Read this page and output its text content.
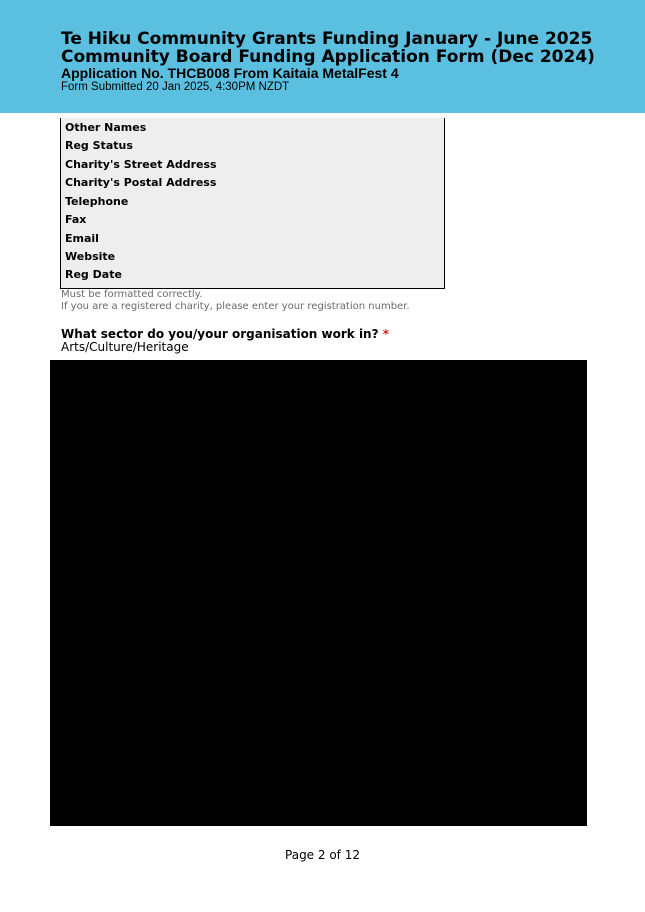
Te Hiku Community Grants Funding January - June 2025
Community Board Funding Application Form (Dec 2024)
Application No. THCB008 From Kaitaia MetalFest 4
Form Submitted 20 Jan 2025, 4:30PM NZDT
Other Names
Reg Status
Charity's Street Address
Charity's Postal Address
Telephone
Fax
Email
Website
Reg Date
Must be formatted correctly.
If you are a registered charity, please enter your registration number.
What sector do you/your organisation work in? *
Arts/Culture/Heritage
Page 2 of 12
